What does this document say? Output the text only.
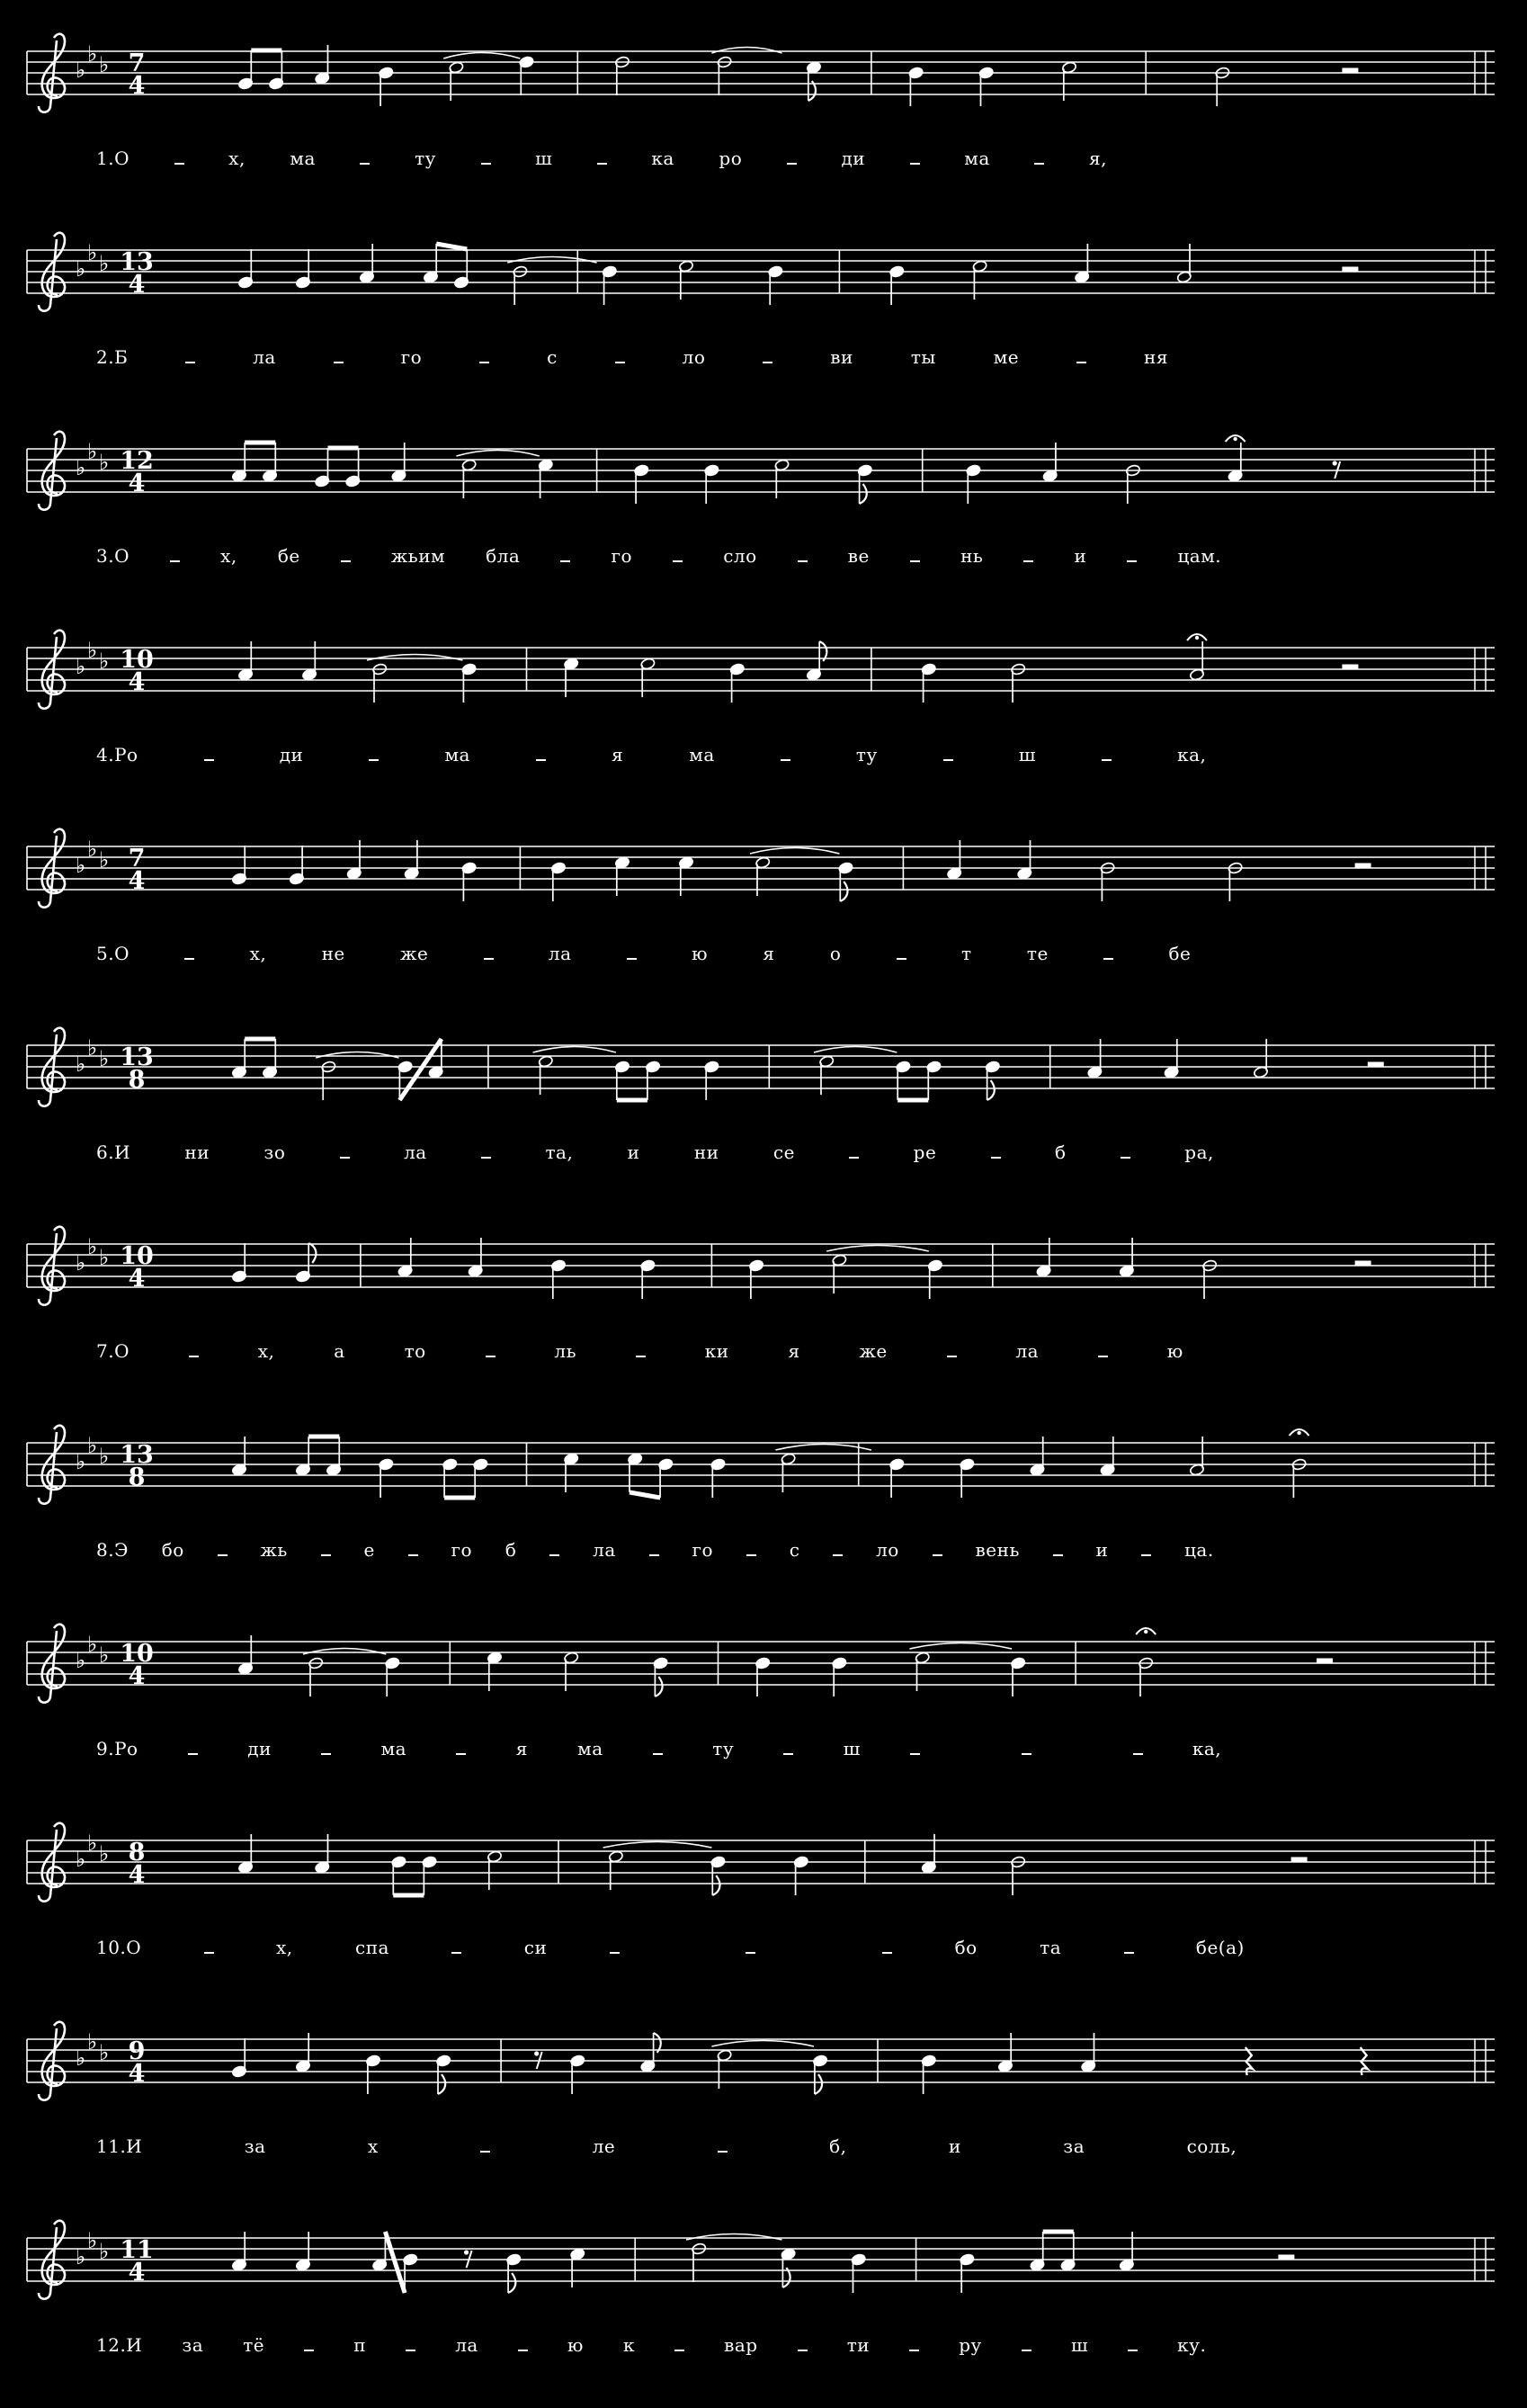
♭
♭ ♭ 7
4
1.О	х, ма	ту	ш	ка ро	ди	ма	я,
♭
♭ ♭ 13
4
2.Б	ла	го	с	ло	ви	ты	ме	ня
♭
♭ ♭ 12
4
3.О	х, бе	жьим бла	го	сло	ве	нь	и	цам.
♭
♭ ♭ 10
4
4.Ро	ди	ма	я	ма	ту	ш	ка,
♭
♭ ♭ 7
4
5.О	х,	не	же	ла	ю	я	о	т	те	бе
♭
♭ ♭ 13
8
6.И	ни	зо	ла	та,	и	ни	се	ре	б	ра,
♭
♭ ♭ 10
4
7.О	х,	а	то	ль	ки	я	же	ла	ю
♭
♭ ♭ 13
8
8.Э бо	жь	е	го б	ла	го	с	ло	вень	и	ца.
♭
♭ ♭ 10
4
9.Ро	ди	ма	я	ма	ту	ш	ка,
♭
♭ ♭ 8
4
10.О	х,	спа	си	бо	та	бе(а)
♭
♭ ♭ 9
4
11.И	за	х	ле	б,	и	за	соль,
♭
♭ ♭ 11
4
12.И за тё	п	ла	ю к	вар	ти	ру	ш	ку.
